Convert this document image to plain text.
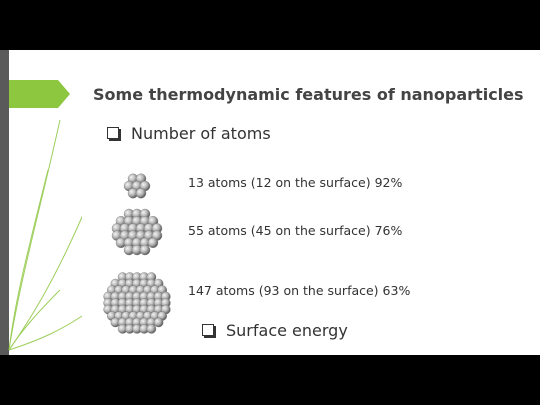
Some thermodynamic features of nanoparticles
Number of atoms
13 atoms (12 on the surface) 92%
55 atoms (45 on the surface) 76%
147 atoms (93 on the surface) 63%
Surface energy
